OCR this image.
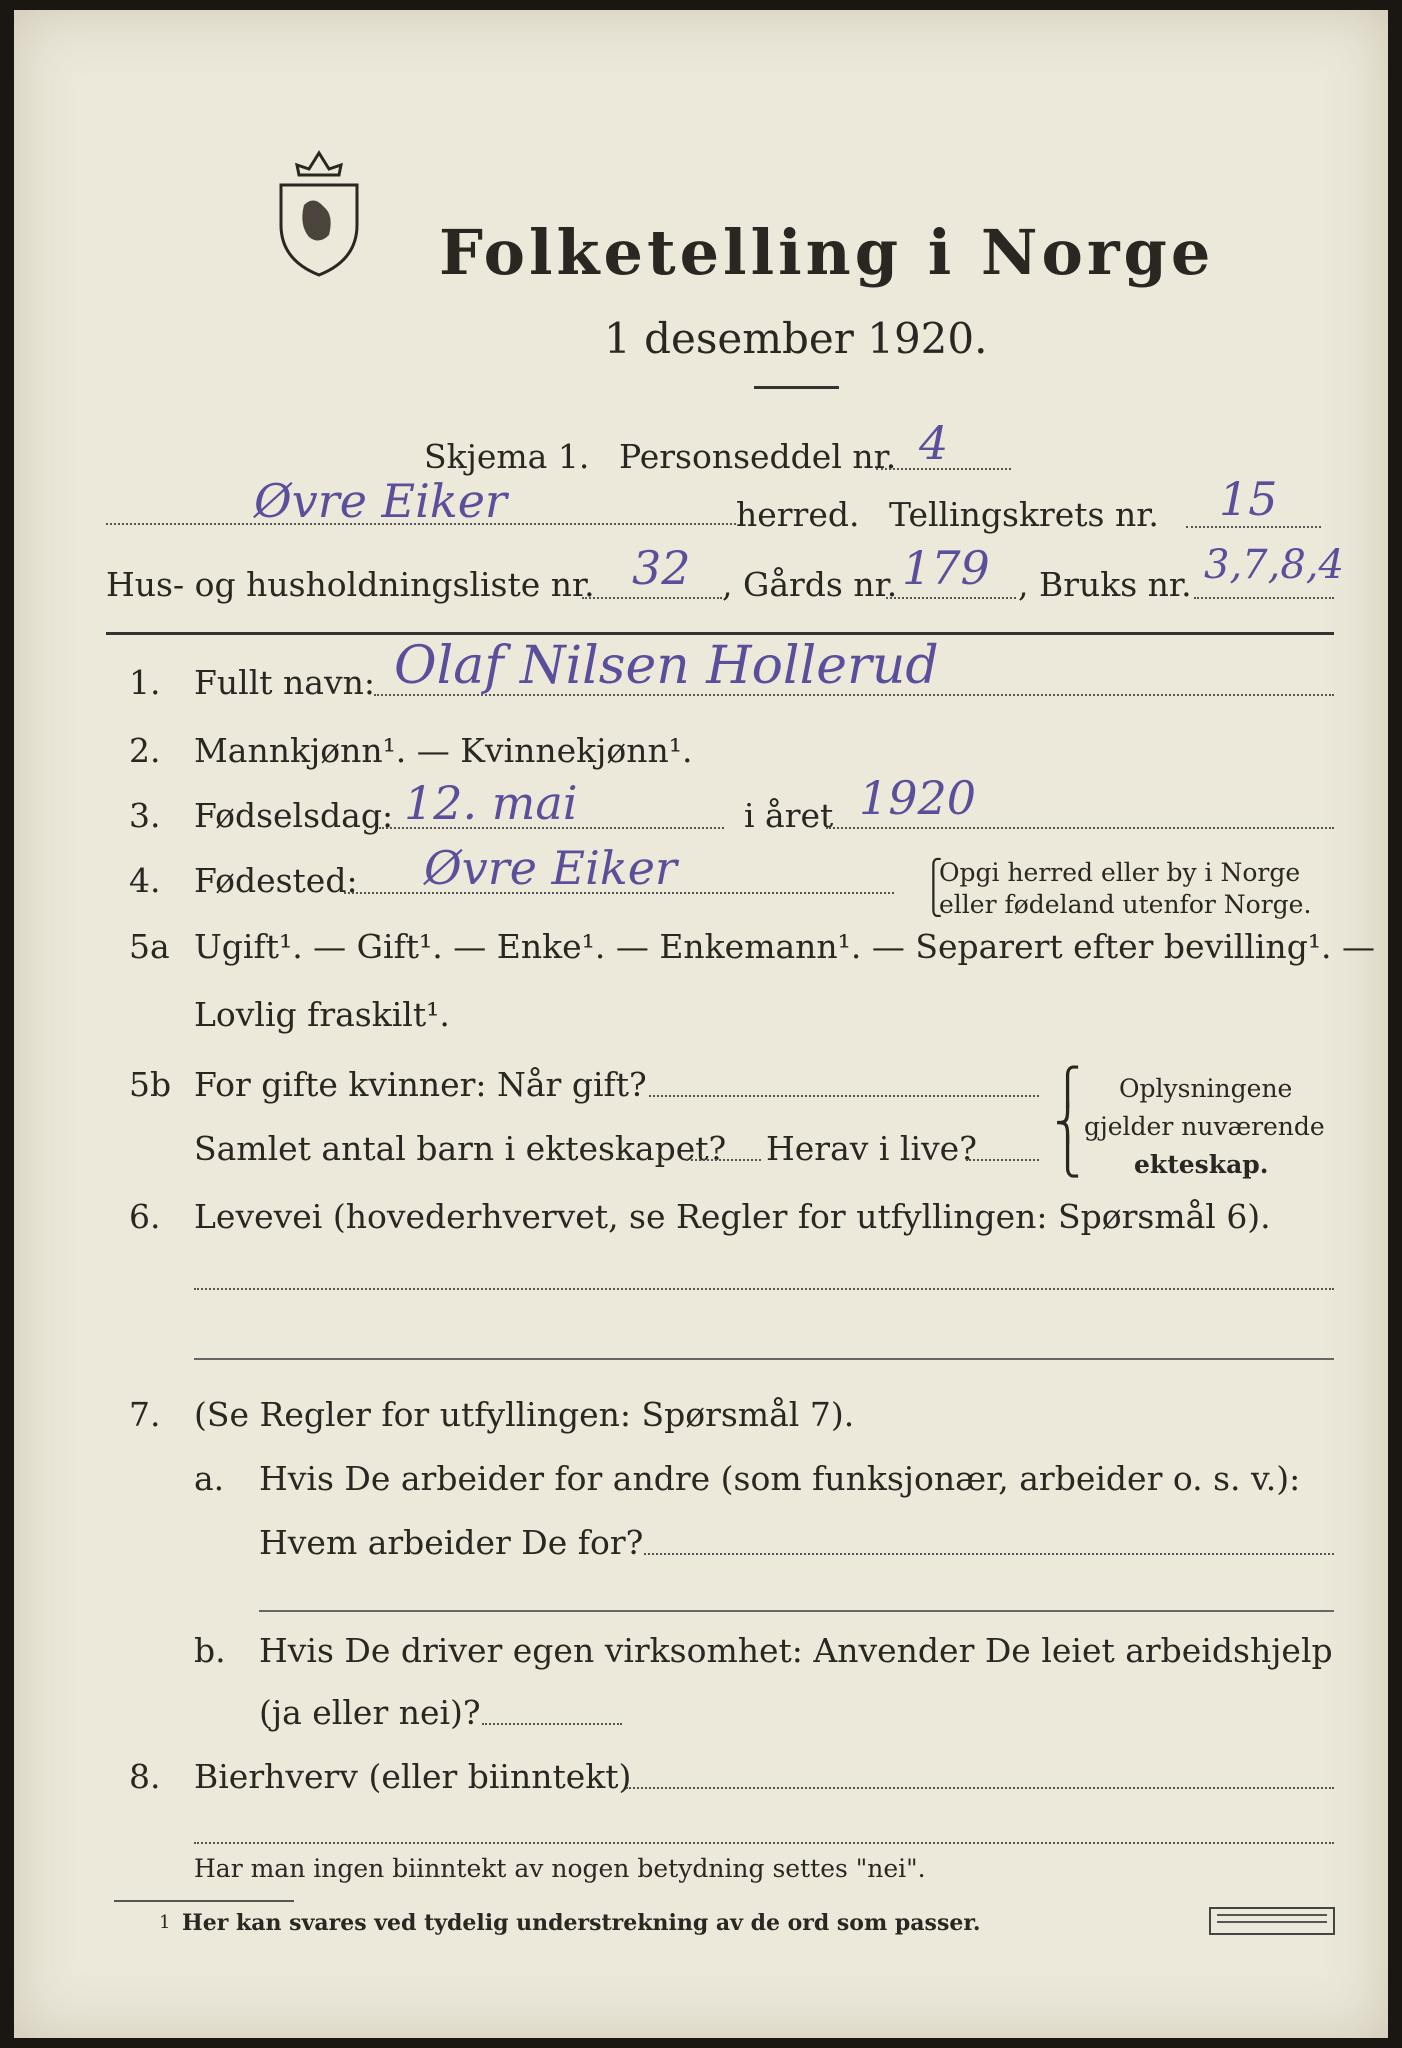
Folketelling i Norge
1 desember 1920.
Skjema 1. Personseddel nr. 4
Øvre Eiker	herred. Tellingskrets nr. 15
Hus- og husholdningsliste nr. 32 , Gårds nr. 179 , Bruks nr. 3,7,8,4
1. Fullt navn: Olaf Nilsen Hollerud
2. Mannkjønn¹. — Kvinnekjønn¹.
3. Fødselsdag: 12. mai	i året 1920
4. Fødested: Øvre Eiker	⎧
⎩
Opgi herred eller by i Norge
eller fødeland utenfor Norge.
5a Ugift¹. — Gift¹. — Enke¹. — Enkemann¹. — Separert efter bevilling¹. —
Lovlig fraskilt¹.
5b For gifte kvinner: Når gift?
Samlet antal barn i ekteskapet? Herav i live?
⎧
⎨
⎩
Oplysningene
gjelder nuværende
ekteskap.
6. Levevei (hovederhvervet, se Regler for utfyllingen: Spørsmål 6).
7. (Se Regler for utfyllingen: Spørsmål 7).
a. Hvis De arbeider for andre (som funksjonær, arbeider o. s. v.):
Hvem arbeider De for?
b. Hvis De driver egen virksomhet: Anvender De leiet arbeidshjelp
(ja eller nei)?
8. Bierhverv (eller biinntekt)
Har man ingen biinntekt av nogen betydning settes "nei".
1 Her kan svares ved tydelig understrekning av de ord som passer.
